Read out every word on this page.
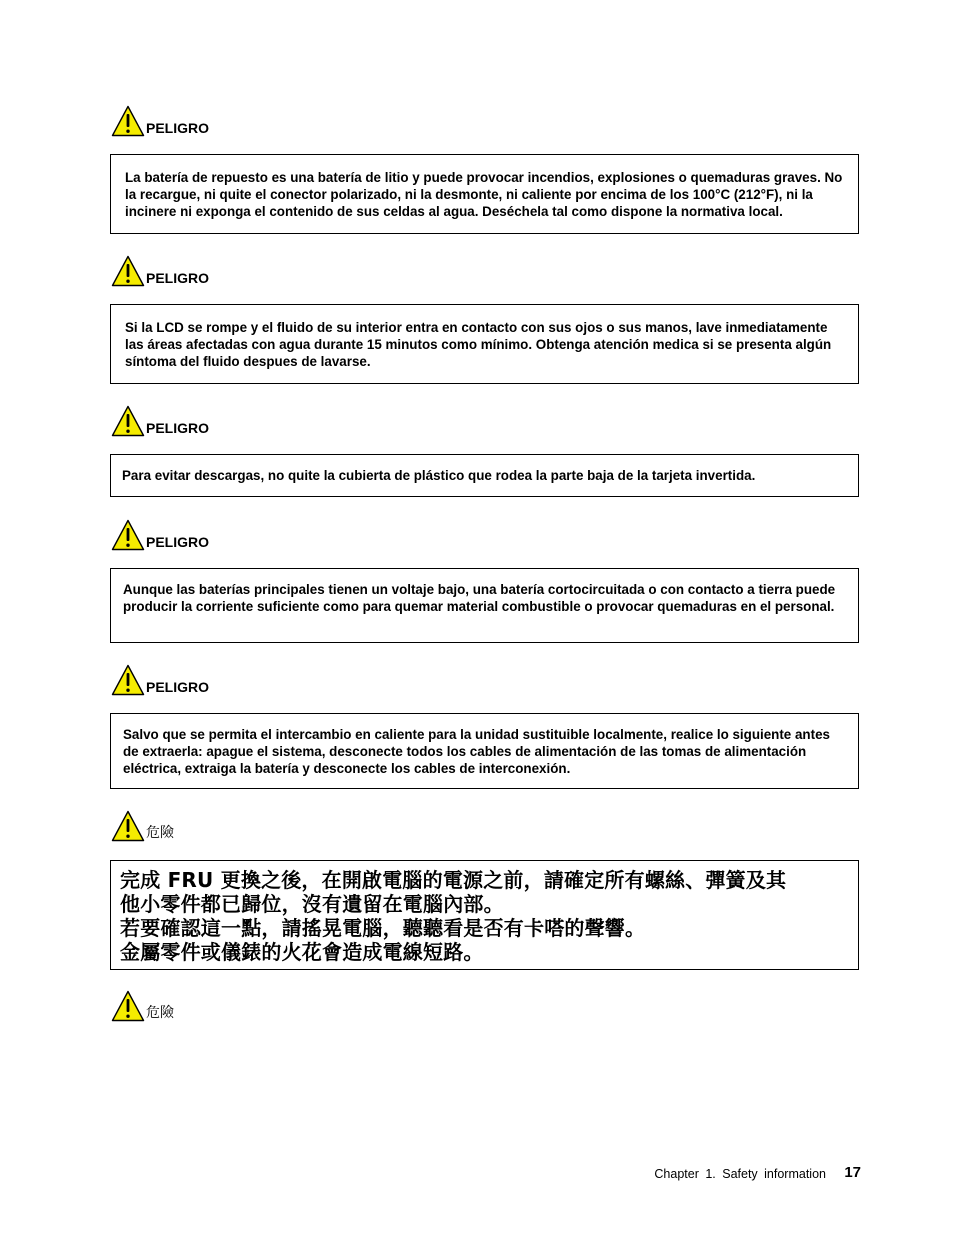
PELIGRO
La batería de repuesto es una batería de litio y puede provocar incendios, explosiones o quemaduras graves. No la recargue, ni quite el conector polarizado, ni la desmonte, ni caliente por encima de los 100°C (212°F), ni la incinere ni exponga el contenido de sus celdas al agua. Deséchela tal como dispone la normativa local.
PELIGRO
Si la LCD se rompe y el fluido de su interior entra en contacto con sus ojos o sus manos, lave inmediatamente las áreas afectadas con agua durante 15 minutos como mínimo. Obtenga atención medica si se presenta algún síntoma del fluido despues de lavarse.
PELIGRO
Para evitar descargas, no quite la cubierta de plástico que rodea la parte baja de la tarjeta invertida.
PELIGRO
Aunque las baterías principales tienen un voltaje bajo, una batería cortocircuitada o con contacto a tierra puede producir la corriente suficiente como para quemar material combustible o provocar quemaduras en el personal.
PELIGRO
Salvo que se permita el intercambio en caliente para la unidad sustituible localmente, realice lo siguiente antes de extraerla: apague el sistema, desconecte todos los cables de alimentación de las tomas de alimentación eléctrica, extraiga la batería y desconecte los cables de interconexión.
危險
完成 FRU 更換之後，在開啟電腦的電源之前，請確定所有螺絲、彈簧及其
他小零件都已歸位，沒有遺留在電腦內部。
若要確認這一點，請搖晃電腦，聽聽看是否有卡嗒的聲響。
金屬零件或儀錶的火花會造成電線短路。
危險
Chapter 1. Safety information 17
